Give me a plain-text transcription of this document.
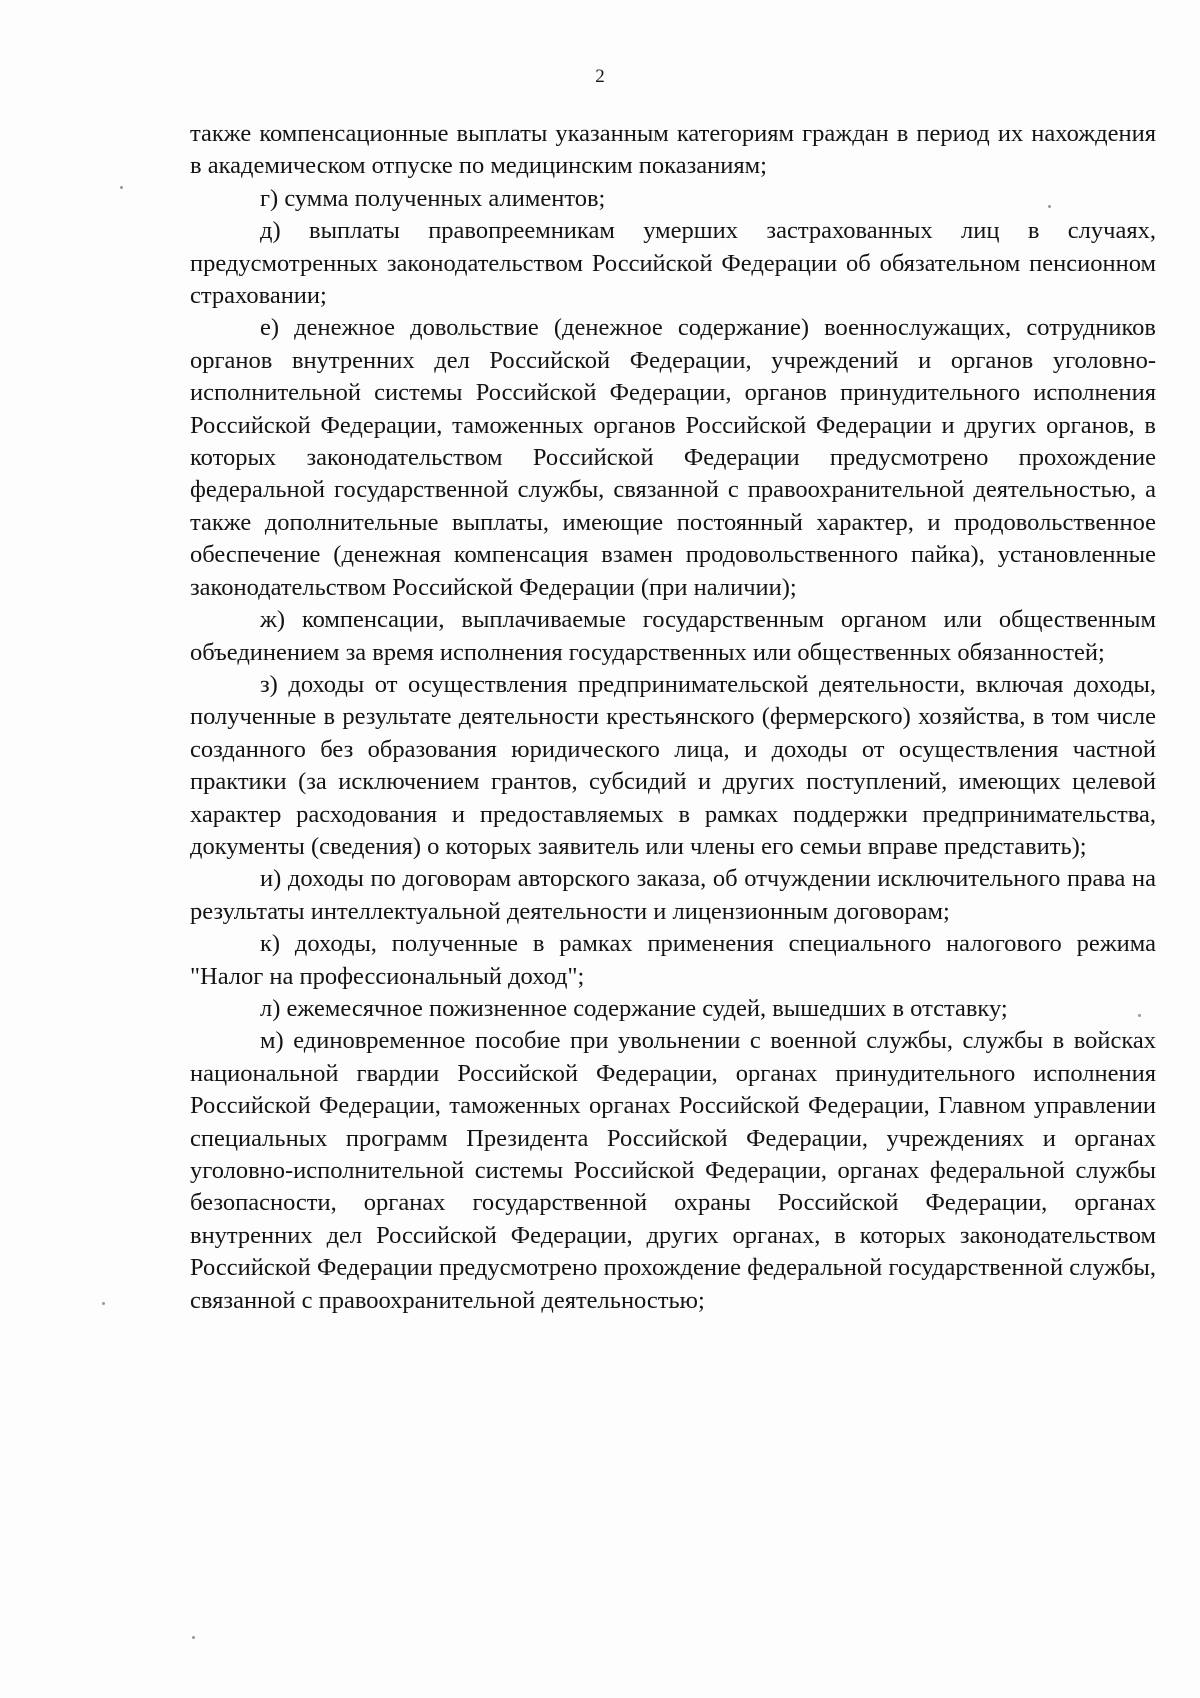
2

также компенсационные выплаты указанным категориям граждан в период их нахождения в академическом отпуске по медицинским показаниям;

г) сумма полученных алиментов;

д) выплаты правопреемникам умерших застрахованных лиц в случаях, предусмотренных законодательством Российской Федерации об обязательном пенсионном страховании;

е) денежное довольствие (денежное содержание) военнослужащих, сотрудников органов внутренних дел Российской Федерации, учреждений и органов уголовно-исполнительной системы Российской Федерации, органов принудительного исполнения Российской Федерации, таможенных органов Российской Федерации и других органов, в которых законодательством Российской Федерации предусмотрено прохождение федеральной государственной службы, связанной с правоохранительной деятельностью, а также дополнительные выплаты, имеющие постоянный характер, и продовольственное обеспечение (денежная компенсация взамен продовольственного пайка), установленные законодательством Российской Федерации (при наличии);

ж) компенсации, выплачиваемые государственным органом или общественным объединением за время исполнения государственных или общественных обязанностей;

з) доходы от осуществления предпринимательской деятельности, включая доходы, полученные в результате деятельности крестьянского (фермерского) хозяйства, в том числе созданного без образования юридического лица, и доходы от осуществления частной практики (за исключением грантов, субсидий и других поступлений, имеющих целевой характер расходования и предоставляемых в рамках поддержки предпринимательства, документы (сведения) о которых заявитель или члены его семьи вправе представить);

и) доходы по договорам авторского заказа, об отчуждении исключительного права на результаты интеллектуальной деятельности и лицензионным договорам;

к) доходы, полученные в рамках применения специального налогового режима "Налог на профессиональный доход";

л) ежемесячное пожизненное содержание судей, вышедших в отставку;

м) единовременное пособие при увольнении с военной службы, службы в войсках национальной гвардии Российской Федерации, органах принудительного исполнения Российской Федерации, таможенных органах Российской Федерации, Главном управлении специальных программ Президента Российской Федерации, учреждениях и органах уголовно-исполнительной системы Российской Федерации, органах федеральной службы безопасности, органах государственной охраны Российской Федерации, органах внутренних дел Российской Федерации, других органах, в которых законодательством Российской Федерации предусмотрено прохождение федеральной государственной службы, связанной с правоохранительной деятельностью;
